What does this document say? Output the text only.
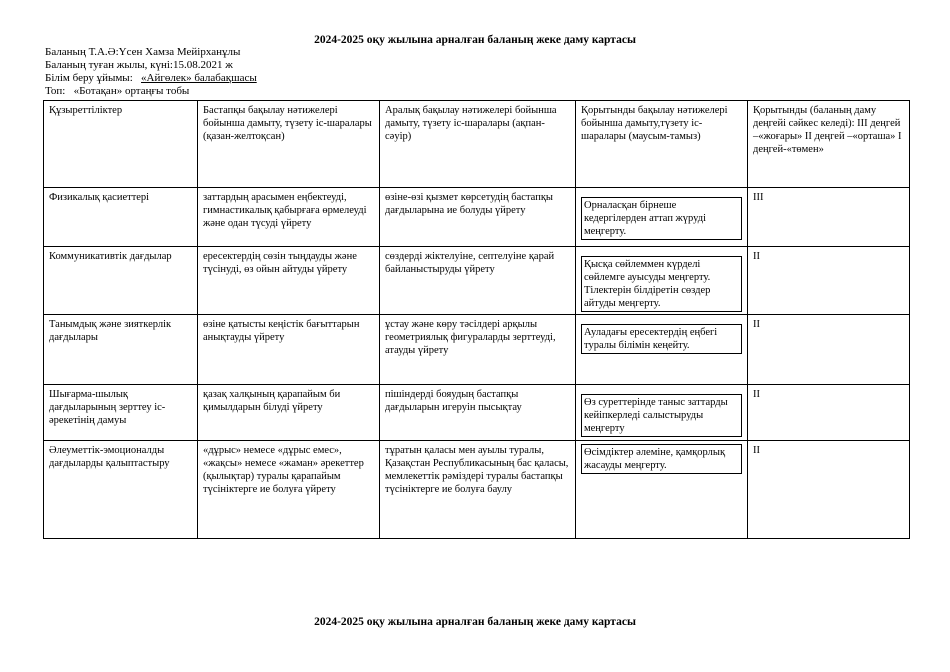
2024-2025 оқу жылына арналған баланың жеке даму картасы
Баланың Т.А.Ә:Үсен Хамза Мейірханұлы
Баланың туған жылы, күні:15.08.2021 ж
Білім беру ұйымы: «Айгөлек» балабақшасы
Топ: «Ботақан» ортаңғы тобы
Құзыреттіліктер	Бастапқы бақылау нәтижелері бойынша дамыту, түзету іс-шаралары (қазан-желтоқсан)	Аралық бақылау нәтижелері бойынша дамыту, түзету іс-шаралары (ақпан-сәуір)	Қорытынды бақылау нәтижелері бойынша дамыту,түзету іс-шаралары (маусым-тамыз)	Қорытынды (баланың даму деңгейі сәйкес келеді): III деңгей –«жоғары» II деңгей –«орташа» I деңгей-«төмен»
Физикалық қасиеттері	заттардың арасымен еңбектеуді, гимнастикалық қабырғаға өрмелеуді және одан түсуді үйрету	өзіне-өзі қызмет көрсетудің бастапқы дағдыларына ие болуды үйрету	Орналасқан бірнеше кедергілерден аттап жүруді меңгерту.	III
Коммуникативтік дағдылар	ересектердің сөзін тыңдауды және түсінуді, өз ойын айтуды үйрету	сөздерді жіктелуіне, септелуіне қарай байланыстыруды үйрету	Қысқа сөйлеммен күрделі сөйлемге ауысуды меңгерту. Тілектерін білдіретін сөздер айтуды меңгерту.	II
Танымдық және зияткерлік дағдылары	өзіне қатысты кеңістік бағыттарын анықтауды үйрету	ұстау және көру тәсілдері арқылы геометриялық фигураларды зерттеуді, атауды үйрету	Ауладағы ересектердің еңбегі туралы білімін кеңейту.	II
Шығарма-шылық дағдыларының зерттеу іс-әрекетінің дамуы	қазақ халқының қарапайым би қимылдарын білуді үйрету	пішіндерді бояудың бастапқы дағдыларын игеруін пысықтау	Өз суреттерінде таныс заттарды кейіпкерледі салыстыруды меңгерту	II
Әлеуметтік-эмоционалды дағдыларды қалыптастыру	«дұрыс» немесе «дұрыс емес», «жақсы» немесе «жаман» әрекеттер (қылықтар) туралы қарапайым түсініктерге ие болуға үйрету	тұратын қаласы мен ауылы туралы, Қазақстан Республикасының бас қаласы, мемлекеттік рәміздері туралы бастапқы түсініктерге ие болуға баулу	Өсімдіктер әлеміне, қамқорлық жасауды меңгерту.	II
2024-2025 оқу жылына арналған баланың жеке даму картасы
